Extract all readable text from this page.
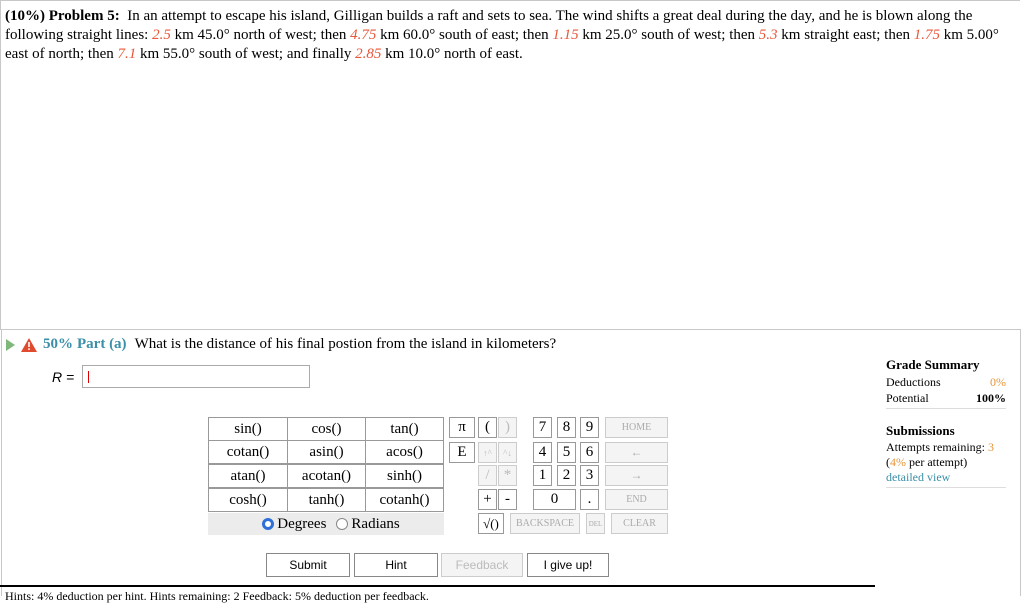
(10%) Problem 5: In an attempt to escape his island, Gilligan builds a raft and sets to sea. The wind shifts a great deal during the day, and he is blown along the following straight lines: 2.5 km 45.0° north of west; then 4.75 km 60.0° south of east; then 1.15 km 25.0° south of west; then 5.3 km straight east; then 1.75 km 5.00° east of north; then 7.1 km 55.0° south of west; and finally 2.85 km 10.0° north of east.
50% Part (a) What is the distance of his final postion from the island in kilometers?
R =
sin()	cos()	tan()
cotan()	asin()	acos()
atan()	acotan()	sinh()
cosh()	tanh()	cotanh()
Degrees Radians
π	(	)
E	↑^	^↓
/ *
+ -
√()
7	8	9
4	5	6
1	2	3
0	.
HOME
←
→
END
BACKSPACE	DEL	CLEAR
Submit	Hint	Feedback	I give up!
Grade Summary
Deductions	0%
Potential	100%
Submissions
Attempts remaining: 3
(4% per attempt)
detailed view
Hints: 4% deduction per hint. Hints remaining: 2 Feedback: 5% deduction per feedback.
